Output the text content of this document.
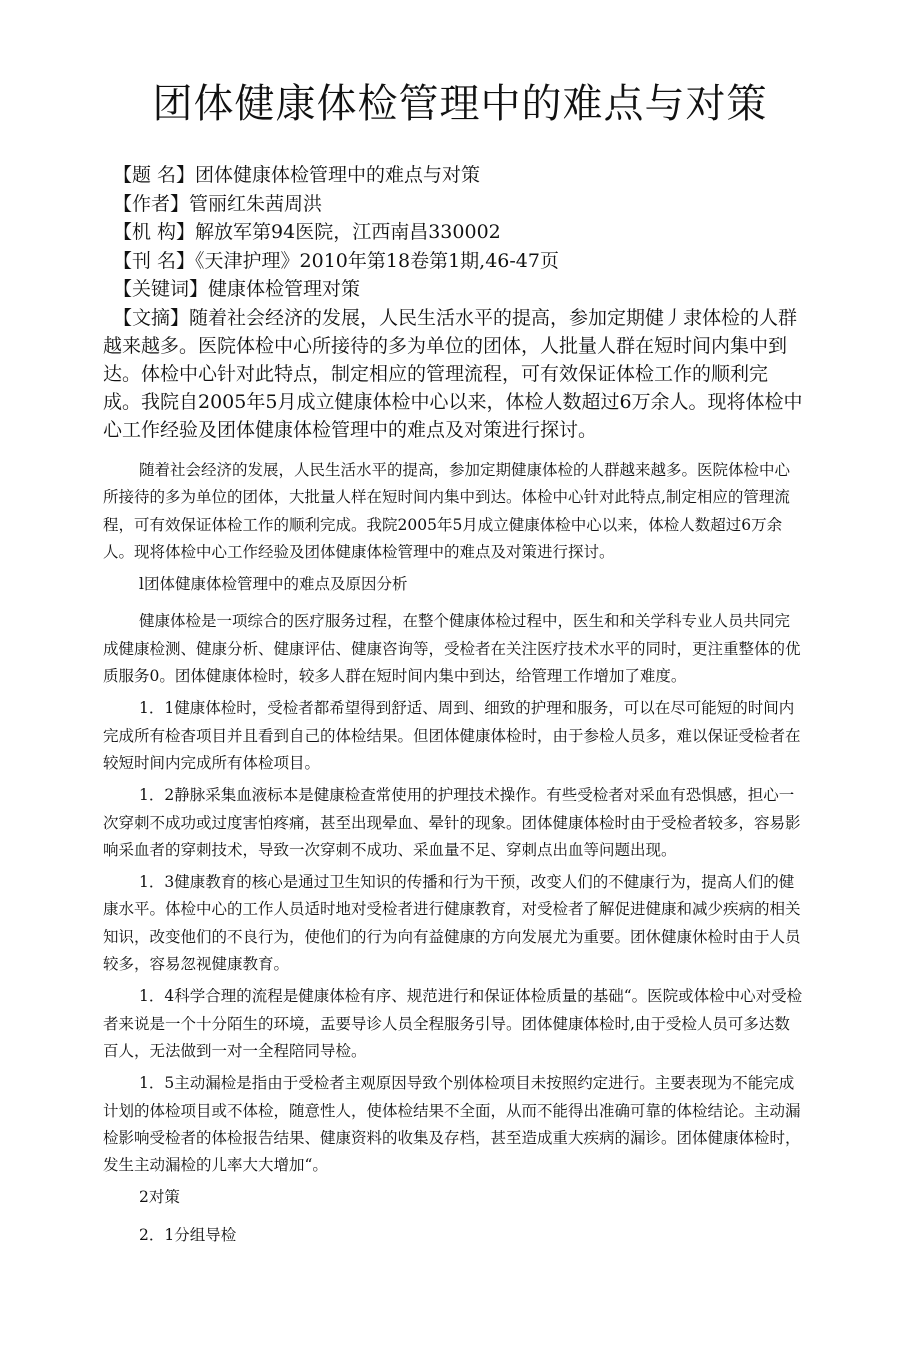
团体健康体检管理中的难点与对策
【题 名】团体健康体检管理中的难点与对策
【作者】管丽红朱茜周洪
【机 构】解放军第94医院，江西南昌330002
【刊 名】《天津护理》2010年第18卷第1期,46-47页
【关键词】健康体检管理对策
【文摘】随着社会经济的发展，人民生活水平的提高，参加定期健丿隶体检的人群越来越多。医院体检中心所接待的多为单位的团体，人批量人群在短时间内集中到达。体检中心针对此特点，制定相应的管理流程，可有效保证体检工作的顺利完成。我院自2005年5月成立健康体检中心以来，体检人数超过6万余人。现将体检中心工作经验及团体健康体检管理中的难点及对策进行探讨。
随着社会经济的发展，人民生活水平的提高，参加定期健康体检的人群越来越多。医院体检中心所接待的多为单位的团体，大批量人样在短时间内集中到达。体检中心针对此特点,制定相应的管理流程，可有效保证体检工作的顺利完成。我院2005年5月成立健康体检中心以来，体检人数超过6万余人。现将体检中心工作经验及团体健康体检管理中的难点及对策进行探讨。
l团体健康体检管理中的难点及原因分析
健康体检是一项综合的医疗服务过程，在整个健康体检过程中，医生和和关学科专业人员共同完成健康检测、健康分析、健康评估、健康咨询等，受检者在关注医疗技术水平的同时，更注重整体的优质服务0。团体健康体检时，较多人群在短时间内集中到达，给管理工作增加了难度。
1．1健康体检时，受检者都希望得到舒适、周到、细致的护理和服务，可以在尽可能短的时间内完成所有检杳项目并且看到自己的体检结果。但团体健康体检时，由于参检人员多，难以保证受检者在较短时间内完成所有体检项目。
1．2静脉采集血液标本是健康检查常使用的护理技术操作。有些受检者对采血有恐惧感，担心一次穿刺不成功或过度害怕疼痛，甚至出现晕血、晕针的现象。团体健康体检时由于受检者较多，容易影响采血者的穿刺技术，导致一次穿刺不成功、采血量不足、穿刺点出血等问题出现。
1．3健康教育的核心是通过卫生知识的传播和行为干预，改变人们的不健康行为，提高人们的健康水平。体检中心的工作人员适时地对受检者进行健康教育，对受检者了解促进健康和减少疾病的相关知识，改变他们的不良行为，使他们的行为向有益健康的方向发展尤为重要。团休健康休检时由于人员较多，容易忽视健康教育。
1．4科学合理的流程是健康体检有序、规范进行和保证体检质量的基础“。医院或体检中心对受检者来说是一个十分陌生的环境，盂要导诊人员全程服务引导。团体健康体检时,由于受检人员可多达数百人，无法做到一对一全程陪同导检。
1．5主动漏检是指由于受检者主观原因导致个别体检项目未按照约定进行。主要表现为不能完成计划的体检项目或不体检，随意性人，使体检结果不全面，从而不能得出准确可靠的体检结论。主动漏检影响受检者的体检报告结果、健康资料的收集及存档，甚至造成重大疾病的漏诊。团体健康体检时，发生主动漏检的儿率大大增加“。
2对策
2．1分组导检
